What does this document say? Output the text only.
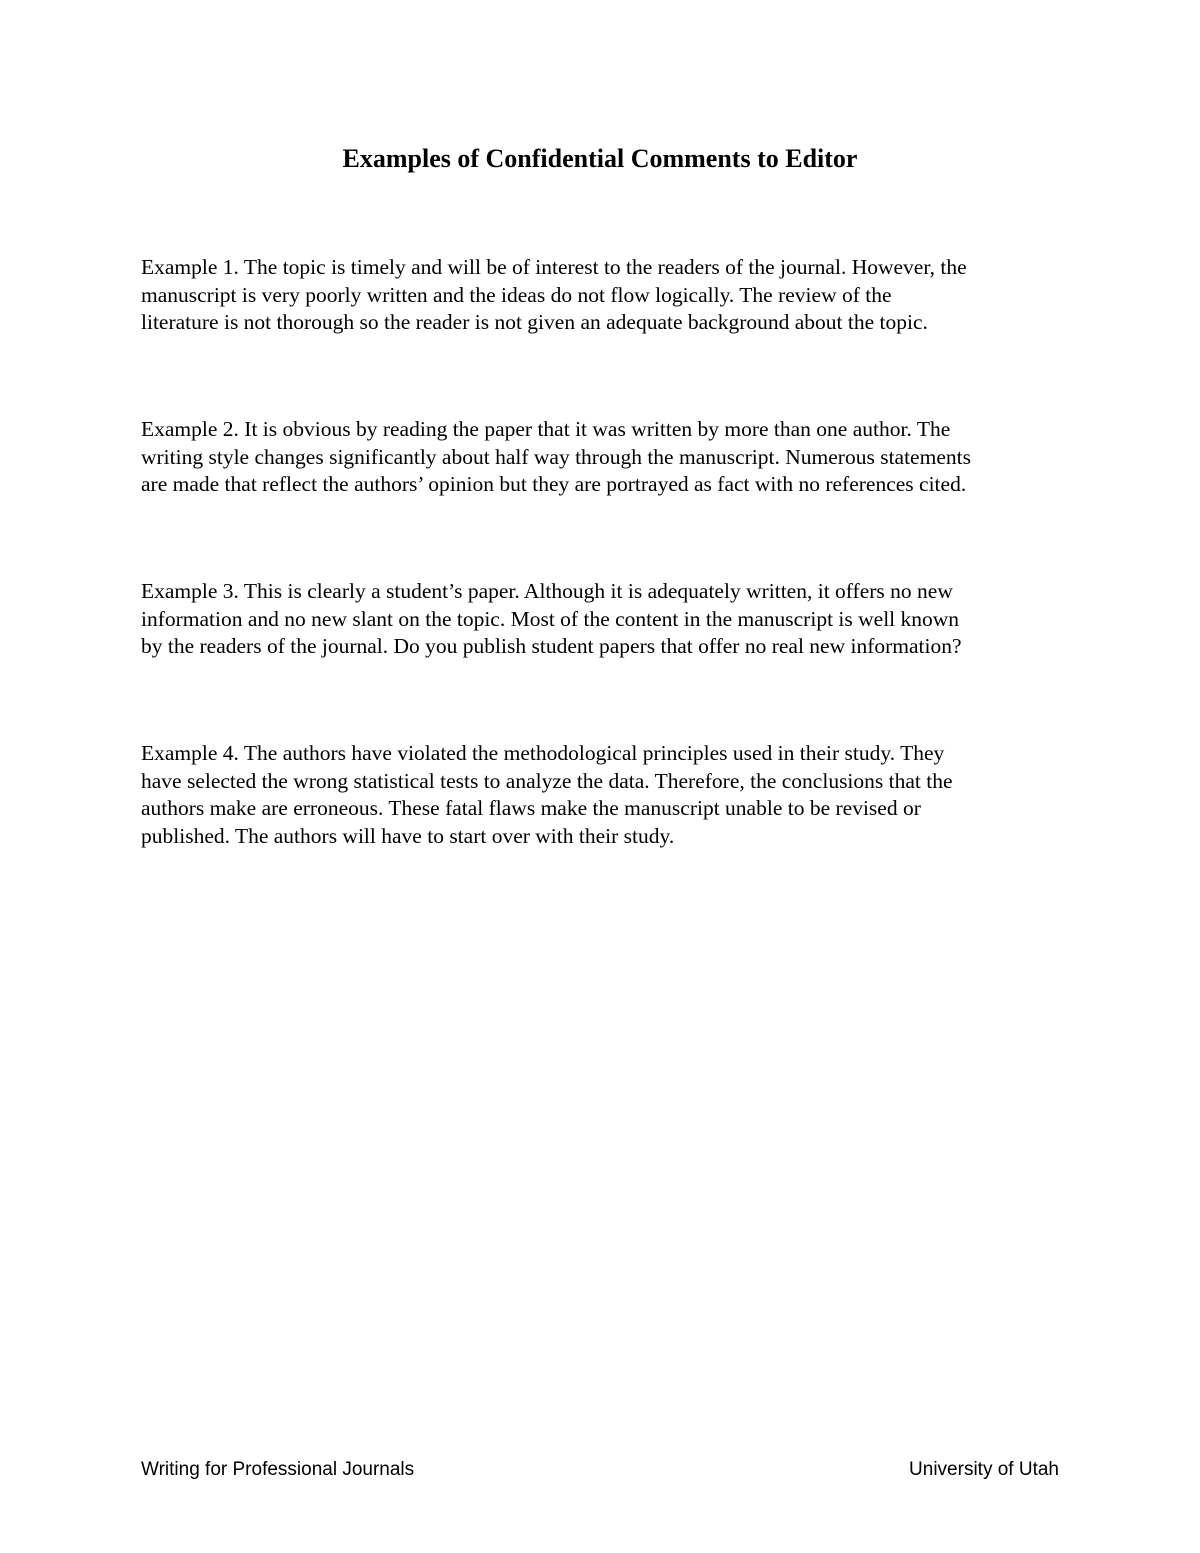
Examples of Confidential Comments to Editor

Example 1. The topic is timely and will be of interest to the readers of the journal. However, the
manuscript is very poorly written and the ideas do not flow logically. The review of the
literature is not thorough so the reader is not given an adequate background about the topic.

Example 2. It is obvious by reading the paper that it was written by more than one author. The
writing style changes significantly about half way through the manuscript. Numerous statements
are made that reflect the authors’ opinion but they are portrayed as fact with no references cited.

Example 3. This is clearly a student’s paper. Although it is adequately written, it offers no new
information and no new slant on the topic. Most of the content in the manuscript is well known
by the readers of the journal. Do you publish student papers that offer no real new information?

Example 4. The authors have violated the methodological principles used in their study. They
have selected the wrong statistical tests to analyze the data. Therefore, the conclusions that the
authors make are erroneous. These fatal flaws make the manuscript unable to be revised or
published. The authors will have to start over with their study.

Writing for Professional Journals	University of Utah
